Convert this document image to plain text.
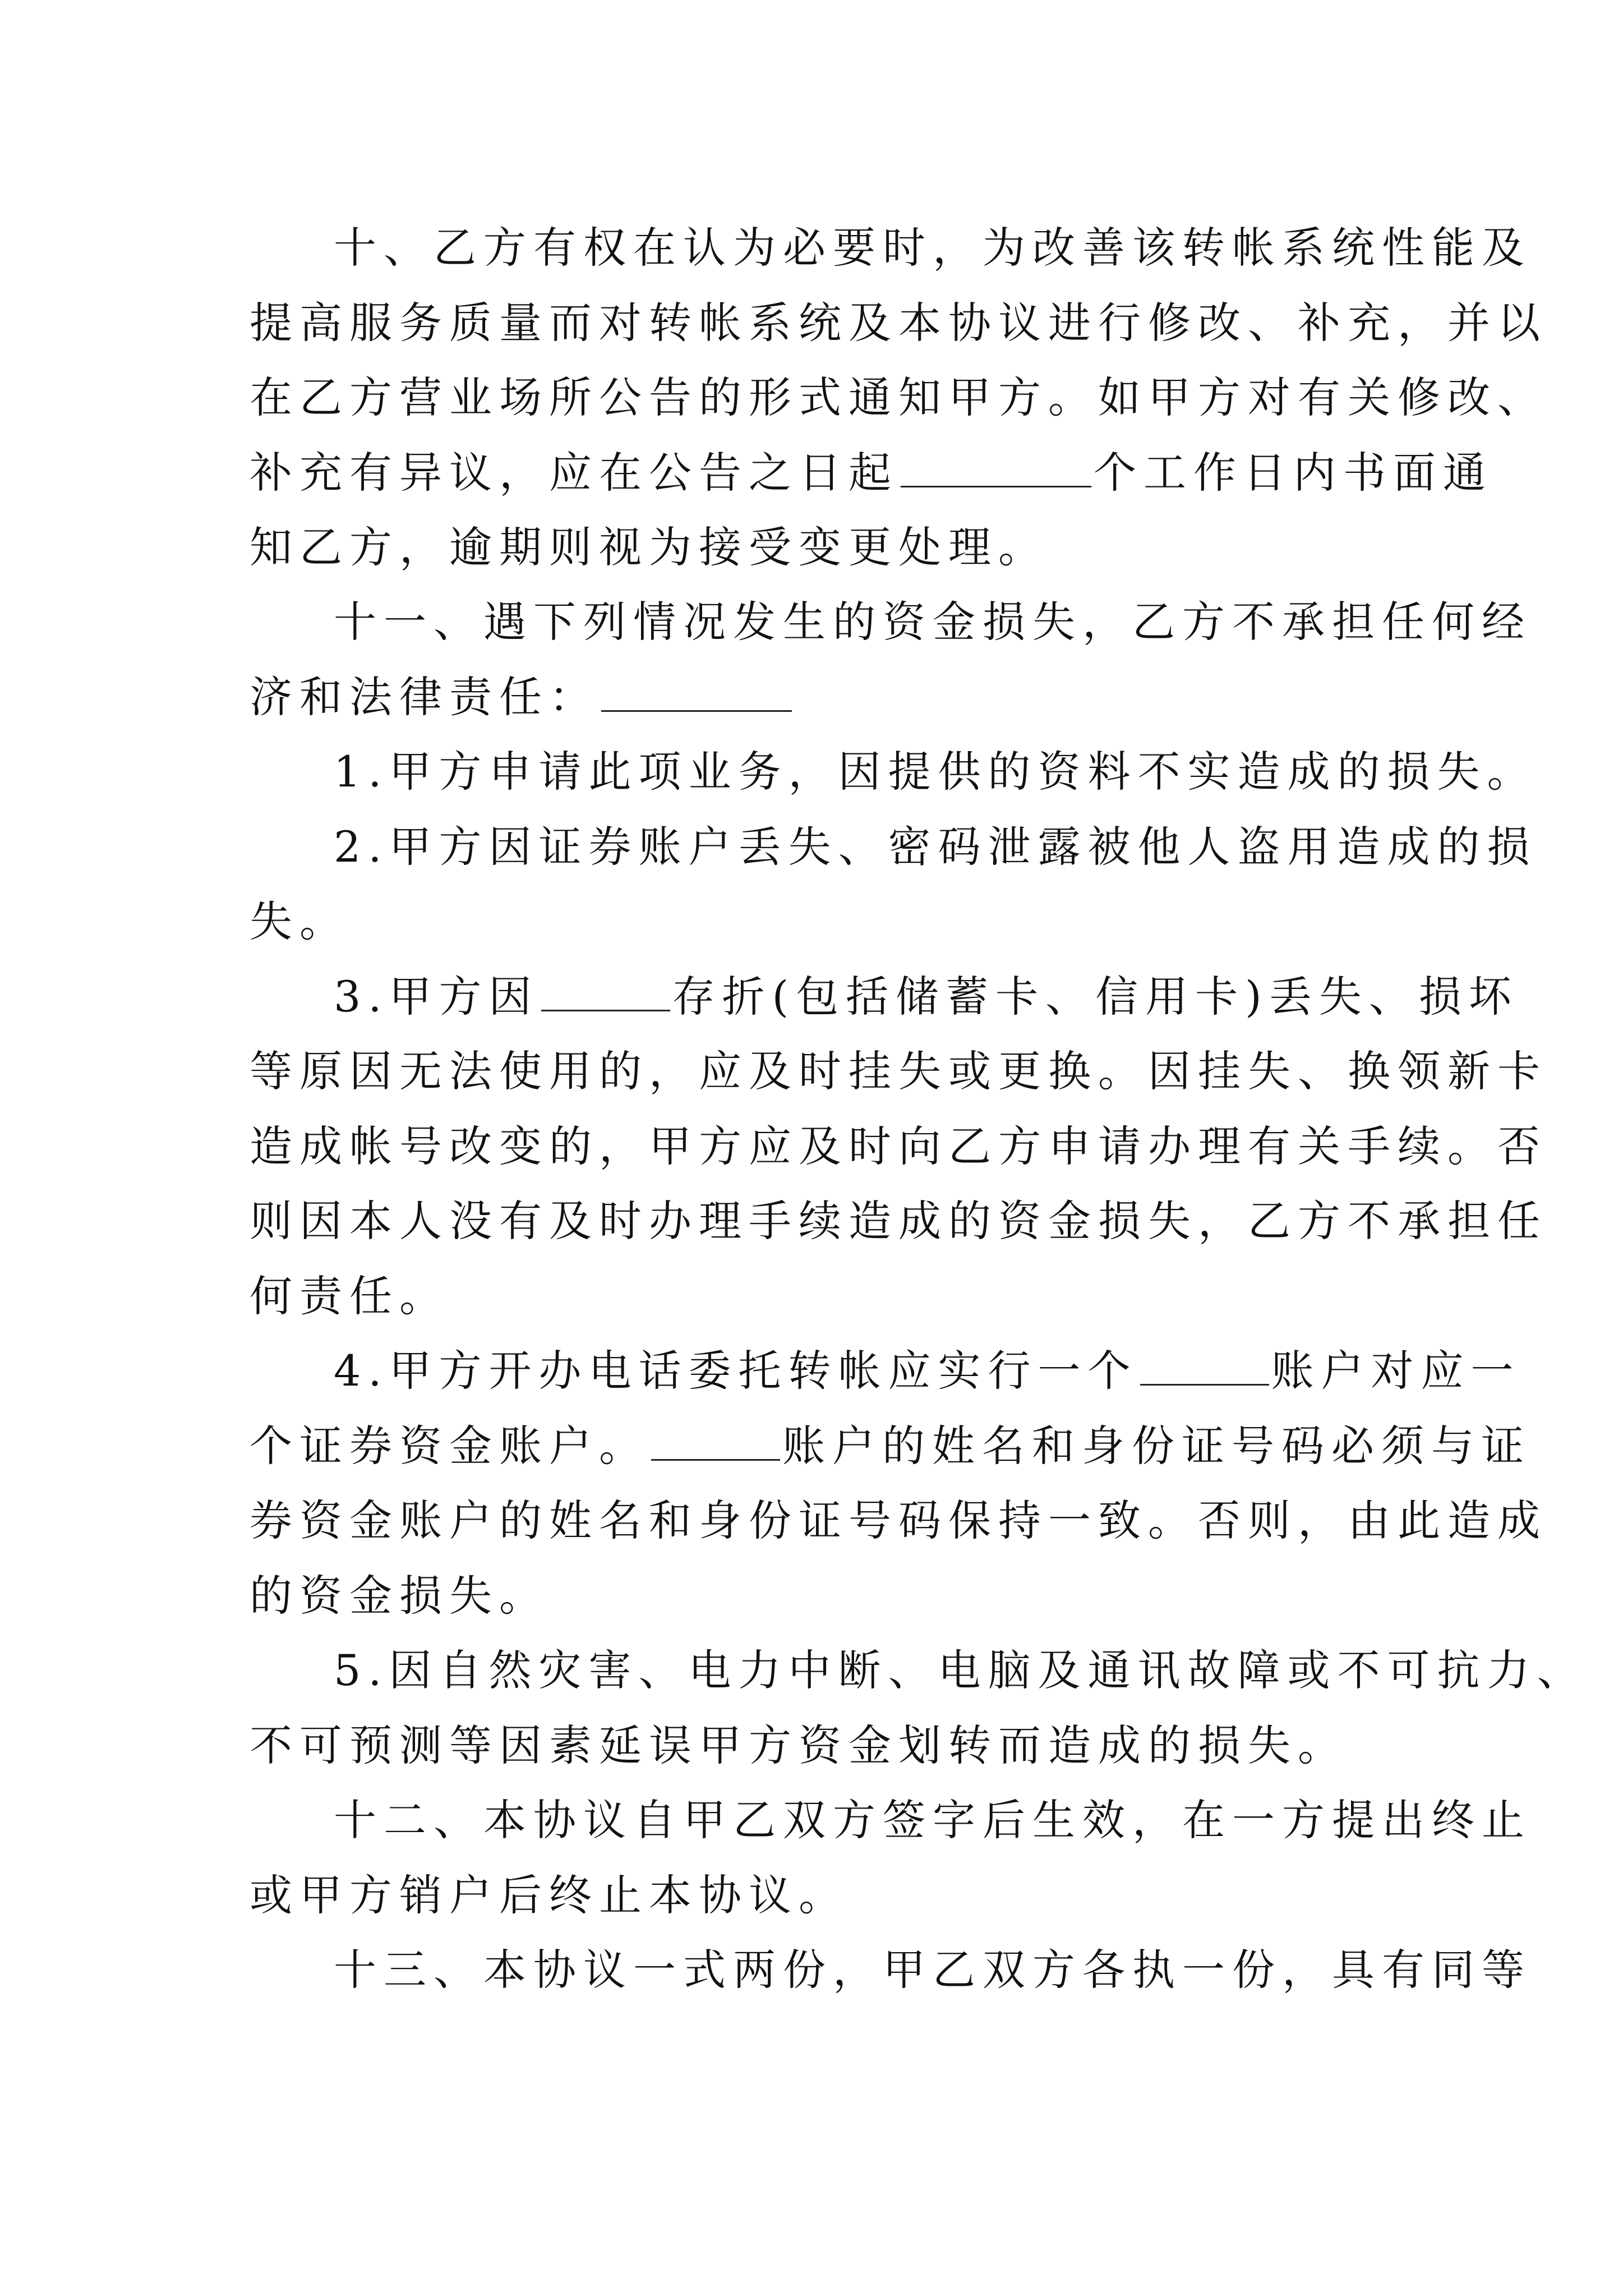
十、乙方有权在认为必要时，为改善该转帐系统性能及
提高服务质量而对转帐系统及本协议进行修改、补充，并以
在乙方营业场所公告的形式通知甲方。如甲方对有关修改、
补充有异议，应在公告之日起	个工作日内书面通
知乙方，逾期则视为接受变更处理。
十一、遇下列情况发生的资金损失，乙方不承担任何经
济和法律责任：
1.甲方申请此项业务，因提供的资料不实造成的损失。
2.甲方因证券账户丢失、密码泄露被他人盗用造成的损
失。
3.甲方因	存折(包括储蓄卡、信用卡)丢失、损坏
等原因无法使用的，应及时挂失或更换。因挂失、换领新卡
造成帐号改变的，甲方应及时向乙方申请办理有关手续。否
则因本人没有及时办理手续造成的资金损失，乙方不承担任
何责任。
4.甲方开办电话委托转帐应实行一个	账户对应一
个证券资金账户。	账户的姓名和身份证号码必须与证
券资金账户的姓名和身份证号码保持一致。否则，由此造成
的资金损失。
5.因自然灾害、电力中断、电脑及通讯故障或不可抗力、
不可预测等因素延误甲方资金划转而造成的损失。
十二、本协议自甲乙双方签字后生效，在一方提出终止
或甲方销户后终止本协议。
十三、本协议一式两份，甲乙双方各执一份，具有同等
